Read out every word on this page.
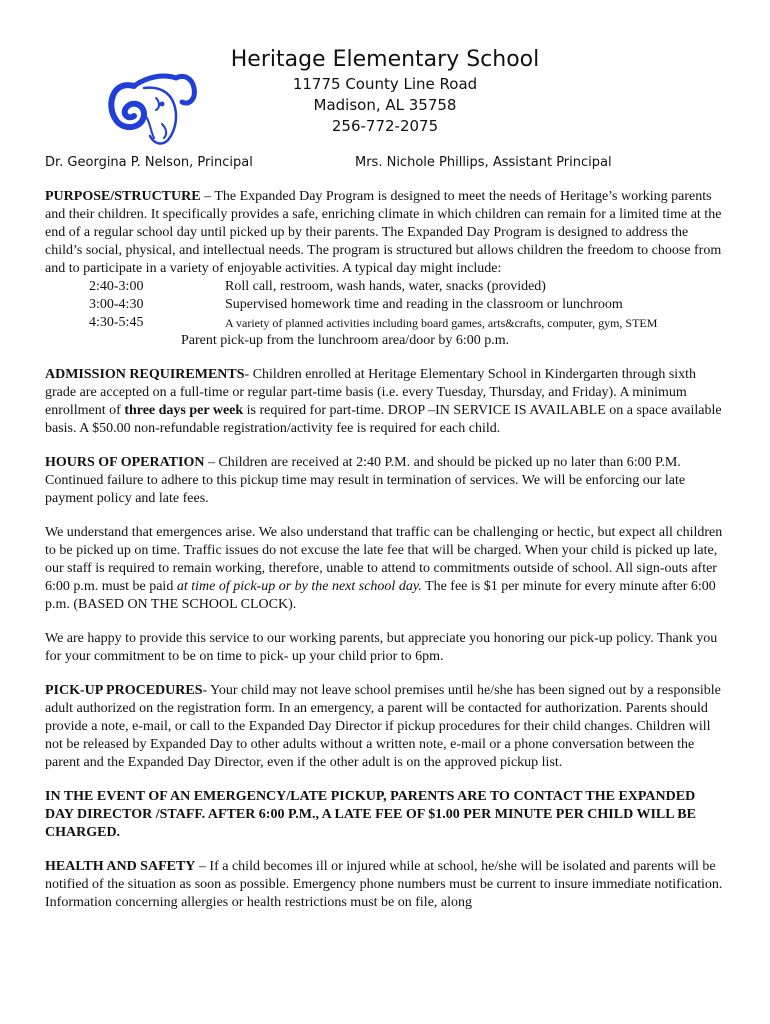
Heritage Elementary School
11775 County Line Road
Madison, AL 35758
256-772-2075
Dr. Georgina P. Nelson, Principal	Mrs. Nichole Phillips, Assistant Principal

PURPOSE/STRUCTURE – The Expanded Day Program is designed to meet the needs of Heritage’s working parents and their children. It specifically provides a safe, enriching climate in which children can remain for a limited time at the end of a regular school day until picked up by their parents. The Expanded Day Program is designed to address the child’s social, physical, and intellectual needs. The program is structured but allows children the freedom to choose from and to participate in a variety of enjoyable activities. A typical day might include:

2:40-3:00	Roll call, restroom, wash hands, water, snacks (provided)
3:00-4:30	Supervised homework time and reading in the classroom or lunchroom
4:30-5:45	A variety of planned activities including board games, arts&crafts, computer, gym, STEM
Parent pick-up from the lunchroom area/door by 6:00 p.m.

ADMISSION REQUIREMENTS- Children enrolled at Heritage Elementary School in Kindergarten through sixth grade are accepted on a full-time or regular part-time basis (i.e. every Tuesday, Thursday, and Friday). A minimum enrollment of three days per week is required for part-time. DROP –IN SERVICE IS AVAILABLE on a space available basis. A $50.00 non-refundable registration/activity fee is required for each child.

HOURS OF OPERATION – Children are received at 2:40 P.M. and should be picked up no later than 6:00 P.M. Continued failure to adhere to this pickup time may result in termination of services. We will be enforcing our late payment policy and late fees.

We understand that emergences arise. We also understand that traffic can be challenging or hectic, but expect all children to be picked up on time. Traffic issues do not excuse the late fee that will be charged. When your child is picked up late, our staff is required to remain working, therefore, unable to attend to commitments outside of school. All sign-outs after 6:00 p.m. must be paid at time of pick-up or by the next school day. The fee is $1 per minute for every minute after 6:00 p.m. (BASED ON THE SCHOOL CLOCK).

We are happy to provide this service to our working parents, but appreciate you honoring our pick-up policy. Thank you for your commitment to be on time to pick- up your child prior to 6pm.

PICK-UP PROCEDURES- Your child may not leave school premises until he/she has been signed out by a responsible adult authorized on the registration form. In an emergency, a parent will be contacted for authorization. Parents should provide a note, e-mail, or call to the Expanded Day Director if pickup procedures for their child changes. Children will not be released by Expanded Day to other adults without a written note, e-mail or a phone conversation between the parent and the Expanded Day Director, even if the other adult is on the approved pickup list.

IN THE EVENT OF AN EMERGENCY/LATE PICKUP, PARENTS ARE TO CONTACT THE EXPANDED DAY DIRECTOR /STAFF. AFTER 6:00 P.M., A LATE FEE OF $1.00 PER MINUTE PER CHILD WILL BE CHARGED.

HEALTH AND SAFETY – If a child becomes ill or injured while at school, he/she will be isolated and parents will be notified of the situation as soon as possible. Emergency phone numbers must be current to insure immediate notification. Information concerning allergies or health restrictions must be on file, along
